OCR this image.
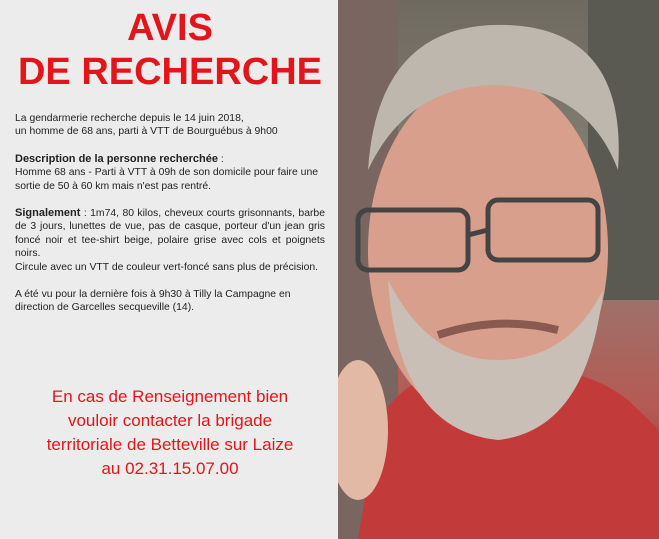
AVIS
DE RECHERCHE
La gendarmerie recherche depuis le 14 juin 2018,
un homme de 68 ans, parti à VTT de Bourguébus à 9h00
Description de la personne recherchée :
Homme 68 ans - Parti à VTT à 09h de son domicile pour faire une sortie de 50 à 60 km mais n'est pas rentré.
Signalement : 1m74, 80 kilos, cheveux courts grisonnants, barbe de 3 jours, lunettes de vue, pas de casque, porteur d'un jean gris foncé noir et tee-shirt beige, polaire grise avec cols et poignets noirs.
Circule avec un VTT de couleur vert-foncé sans plus de précision.
A été vu pour la dernière fois à 9h30 à Tilly la Campagne en direction de Garcelles secqueville (14).
En cas de Renseignement bien
vouloir contacter la brigade
territoriale de Betteville sur Laize
au 02.31.15.07.00
